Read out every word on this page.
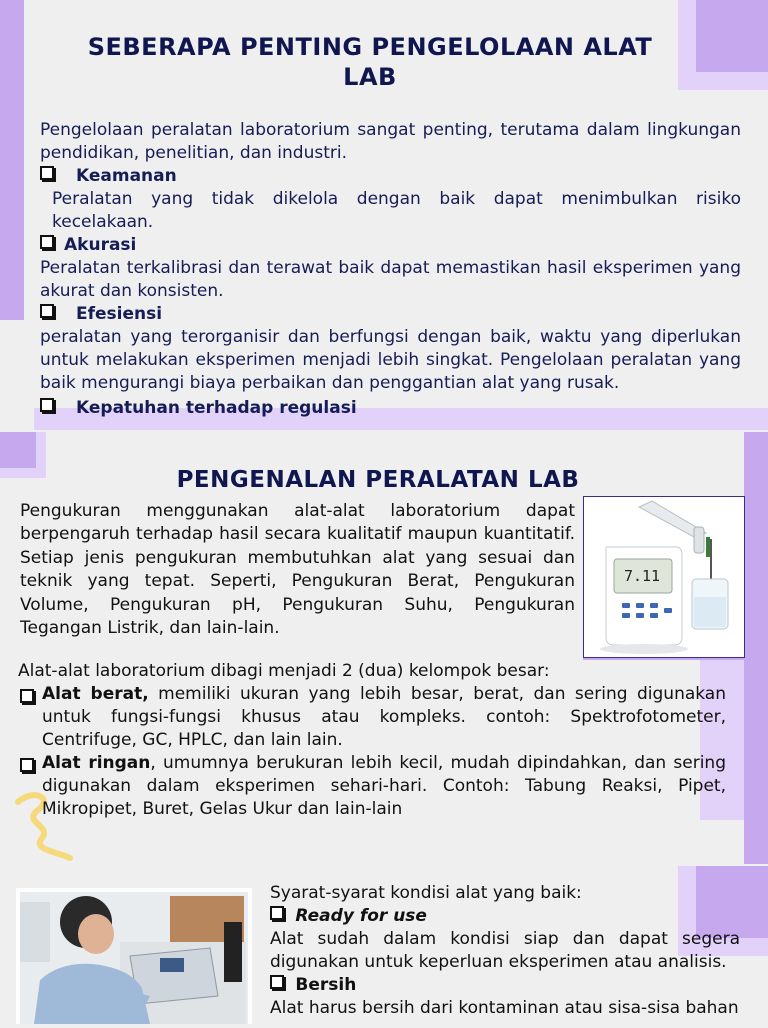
SEBERAPA PENTING PENGELOLAAN ALAT LAB
Pengelolaan peralatan laboratorium sangat penting, terutama dalam lingkungan pendidikan, penelitian, dan industri.
Keamanan
Peralatan yang tidak dikelola dengan baik dapat menimbulkan risiko kecelakaan.
Akurasi
Peralatan terkalibrasi dan terawat baik dapat memastikan hasil eksperimen yang akurat dan konsisten.
Efesiensi
peralatan yang terorganisir dan berfungsi dengan baik, waktu yang diperlukan untuk melakukan eksperimen menjadi lebih singkat. Pengelolaan peralatan yang baik mengurangi biaya perbaikan dan penggantian alat yang rusak.
Kepatuhan terhadap regulasi
PENGENALAN PERALATAN LAB
Pengukuran menggunakan alat-alat laboratorium dapat berpengaruh terhadap hasil secara kualitatif maupun kuantitatif. Setiap jenis pengukuran membutuhkan alat yang sesuai dan teknik yang tepat. Seperti, Pengukuran Berat, Pengukuran Volume, Pengukuran pH, Pengukuran Suhu, Pengukuran Tegangan Listrik, dan lain-lain.
7.11
Alat-alat laboratorium dibagi menjadi 2 (dua) kelompok besar:
Alat berat, memiliki ukuran yang lebih besar, berat, dan sering digunakan untuk fungsi-fungsi khusus atau kompleks. contoh: Spektrofotometer, Centrifuge, GC, HPLC, dan lain lain.
Alat ringan, umumnya berukuran lebih kecil, mudah dipindahkan, dan sering digunakan dalam eksperimen sehari-hari. Contoh: Tabung Reaksi, Pipet, Mikropipet, Buret, Gelas Ukur dan lain-lain
Syarat-syarat kondisi alat yang baik:
Ready for use
Alat sudah dalam kondisi siap dan dapat segera digunakan untuk keperluan eksperimen atau analisis.
Bersih
Alat harus bersih dari kontaminan atau sisa-sisa bahan
